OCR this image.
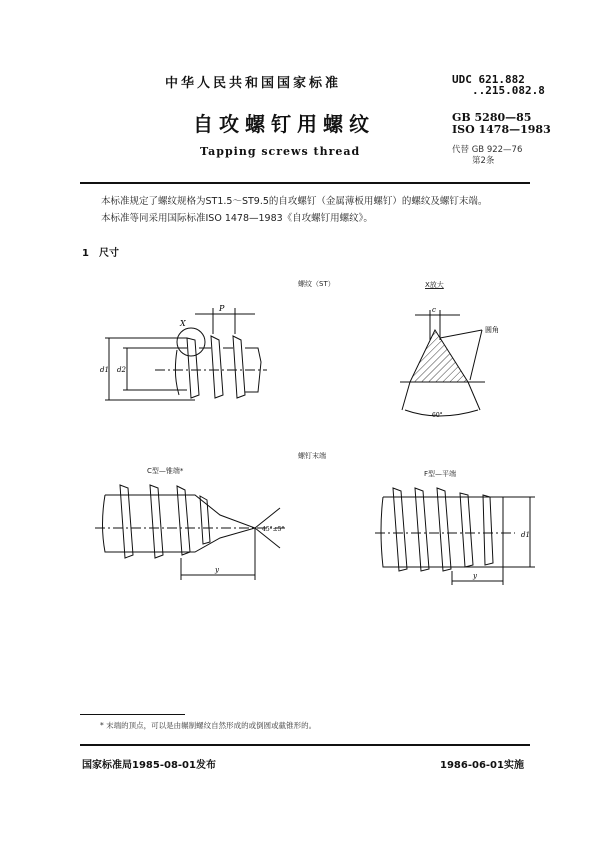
中华人民共和国国家标准
自攻螺钉用螺纹
Tapping screws thread
UDC 621.882
..215.082.8
GB 5280—85
ISO 1478—1983
代替 GB 922—76
第2条
本标准规定了螺纹规格为ST1.5～ST9.5的自攻螺钉（金属薄板用螺钉）的螺纹及螺钉末端。
本标准等同采用国际标准ISO 1478—1983《自攻螺钉用螺纹》。
1 尺寸
螺纹（ST）
X
P
d1 d2
X放大
c
圆角
60°
螺钉末端
C型—锥端*	F型—平端
45°±5°
y
d1
y
* 末端的顶点，可以是由辗制螺纹自然形成的或倒圆或截锥形的。
国家标准局1985-08-01发布	1986-06-01实施
